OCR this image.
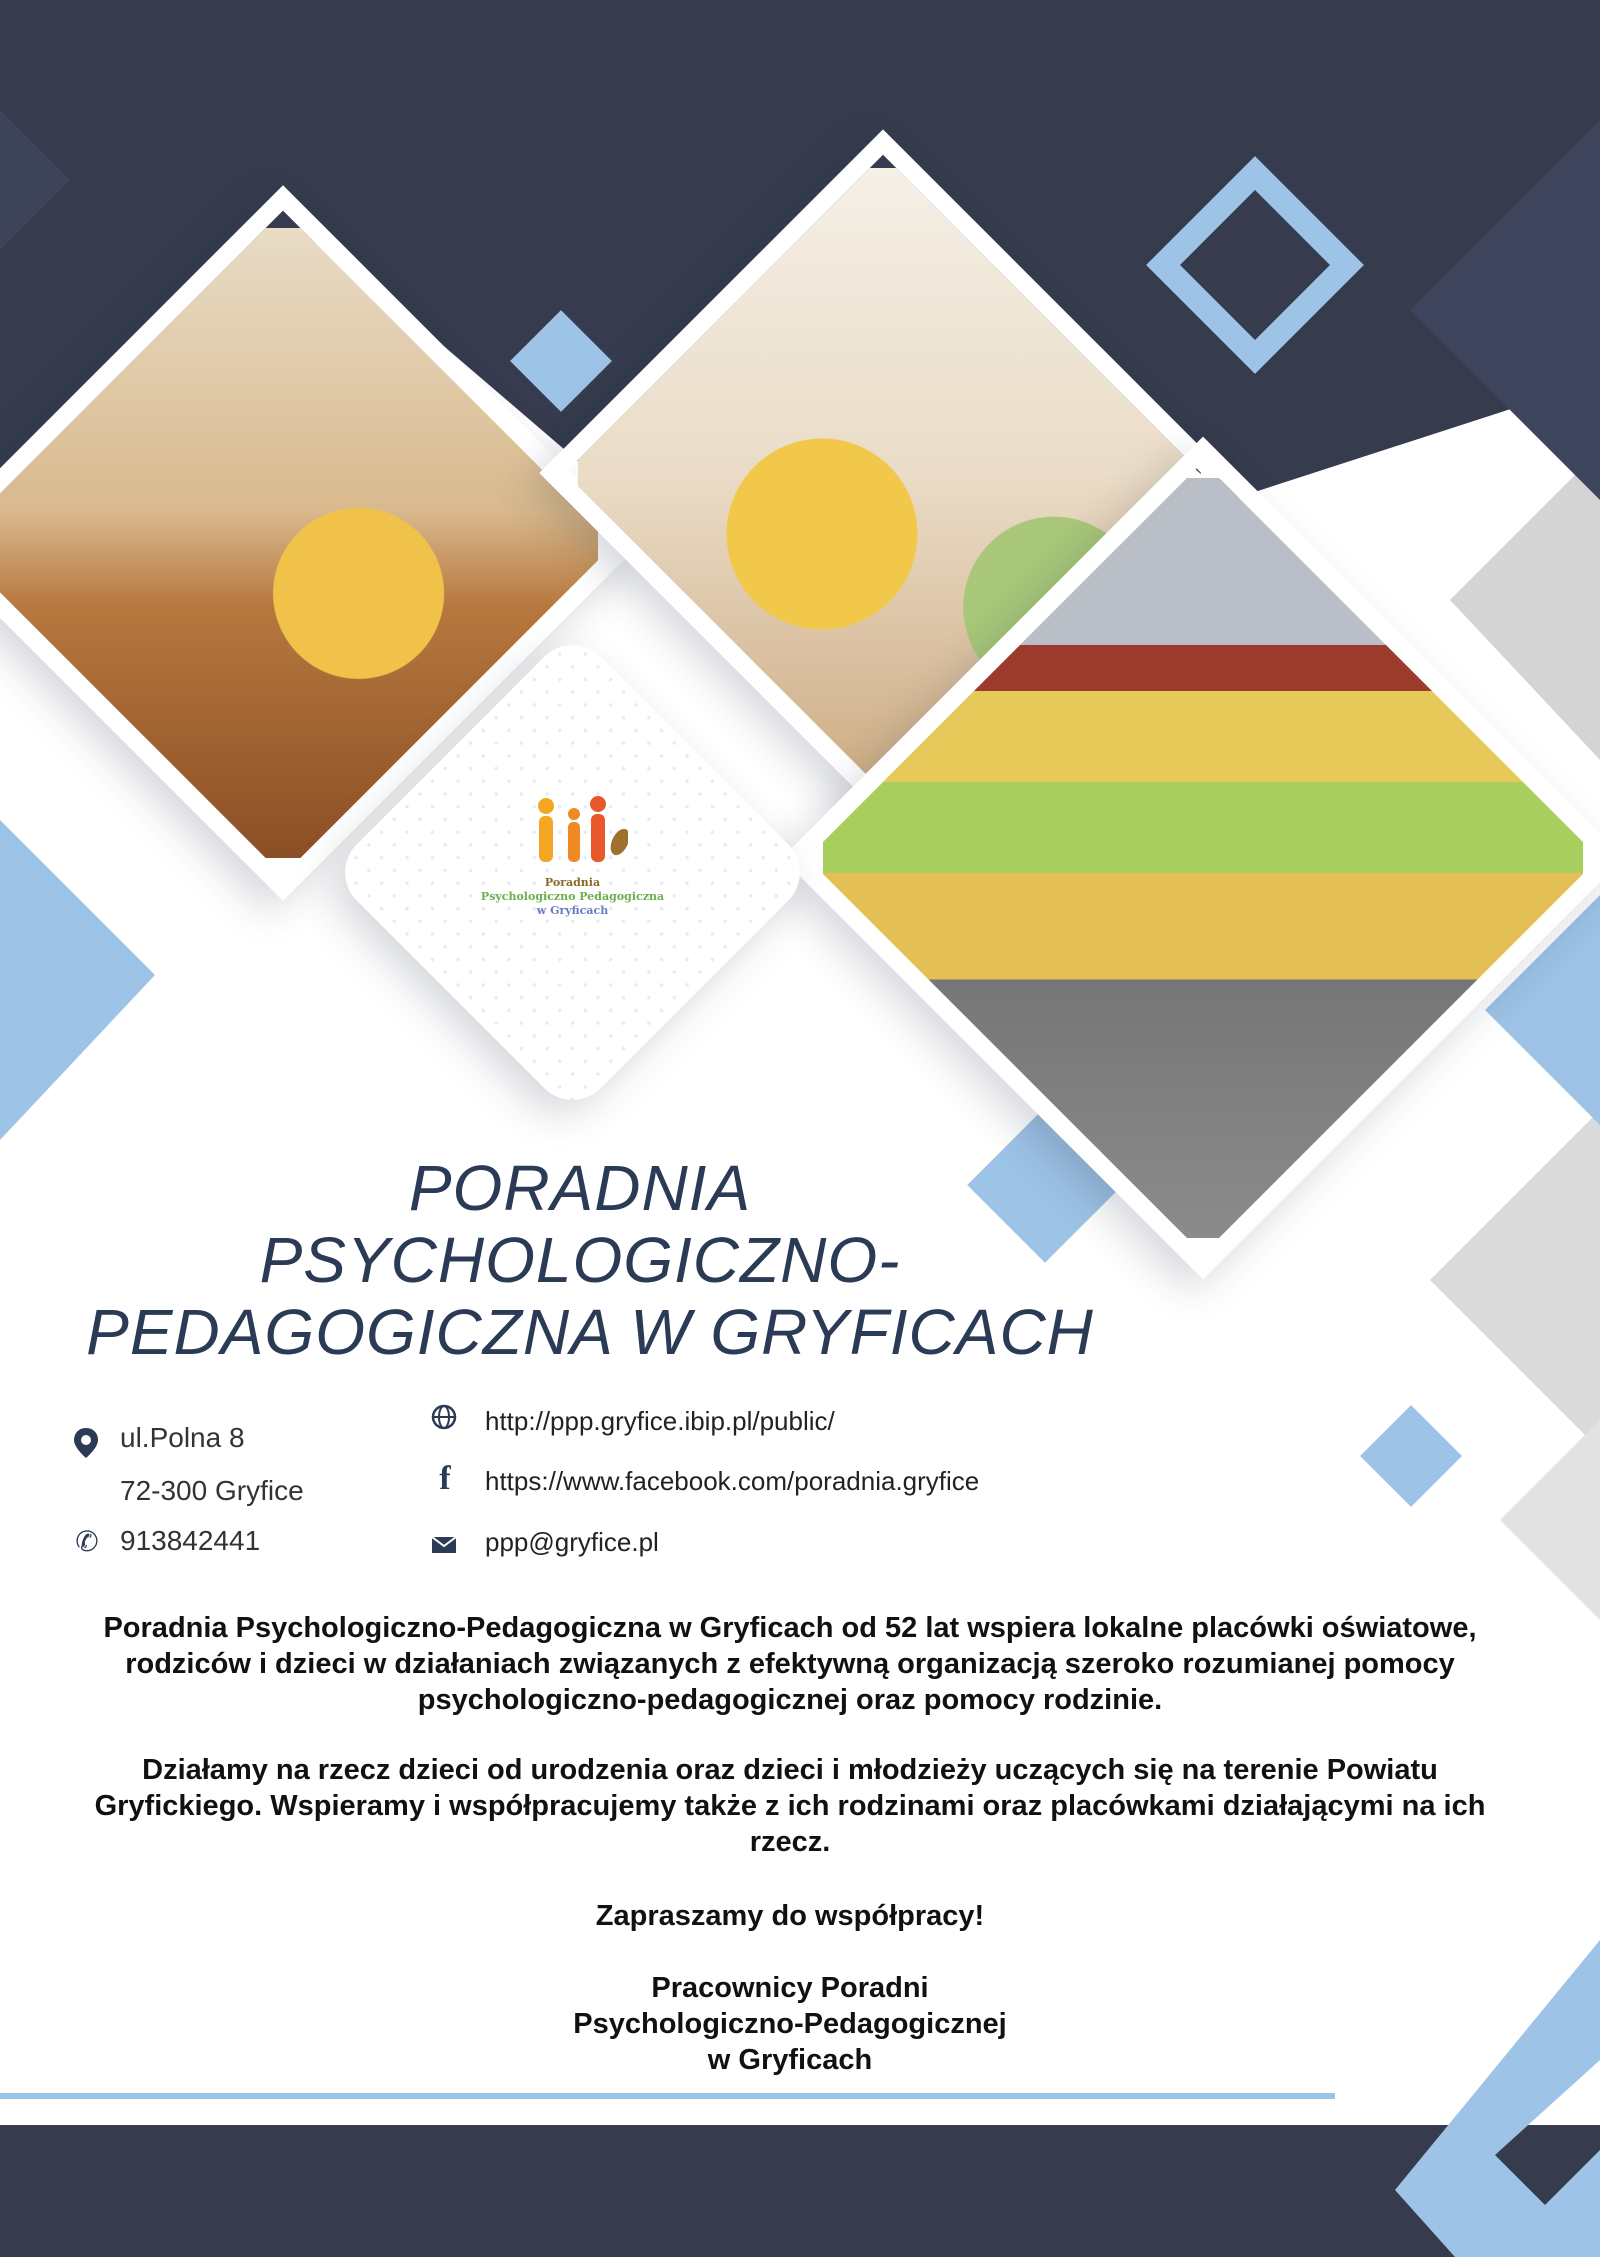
Poradnia
Psychologiczno Pedagogiczna
w Gryficach
PORADNIA
PSYCHOLOGICZNO-
PEDAGOGICZNA W GRYFICACH
ul.Polna 8
72-300 Gryfice
✆ 913842441
http://ppp.gryfice.ibip.pl/public/
f	https://www.facebook.com/poradnia.gryfice
ppp@gryfice.pl
Poradnia Psychologiczno-Pedagogiczna w Gryficach od 52 lat wspiera lokalne placówki oświatowe, rodziców i dzieci w działaniach związanych z efektywną organizacją szeroko rozumianej pomocy psychologiczno-pedagogicznej oraz pomocy rodzinie.
Działamy na rzecz dzieci od urodzenia oraz dzieci i młodzieży uczących się na terenie Powiatu Gryfickiego. Wspieramy i współpracujemy także z ich rodzinami oraz placówkami działającymi na ich rzecz.
Zapraszamy do współpracy!
Pracownicy Poradni
Psychologiczno-Pedagogicznej
w Gryficach
